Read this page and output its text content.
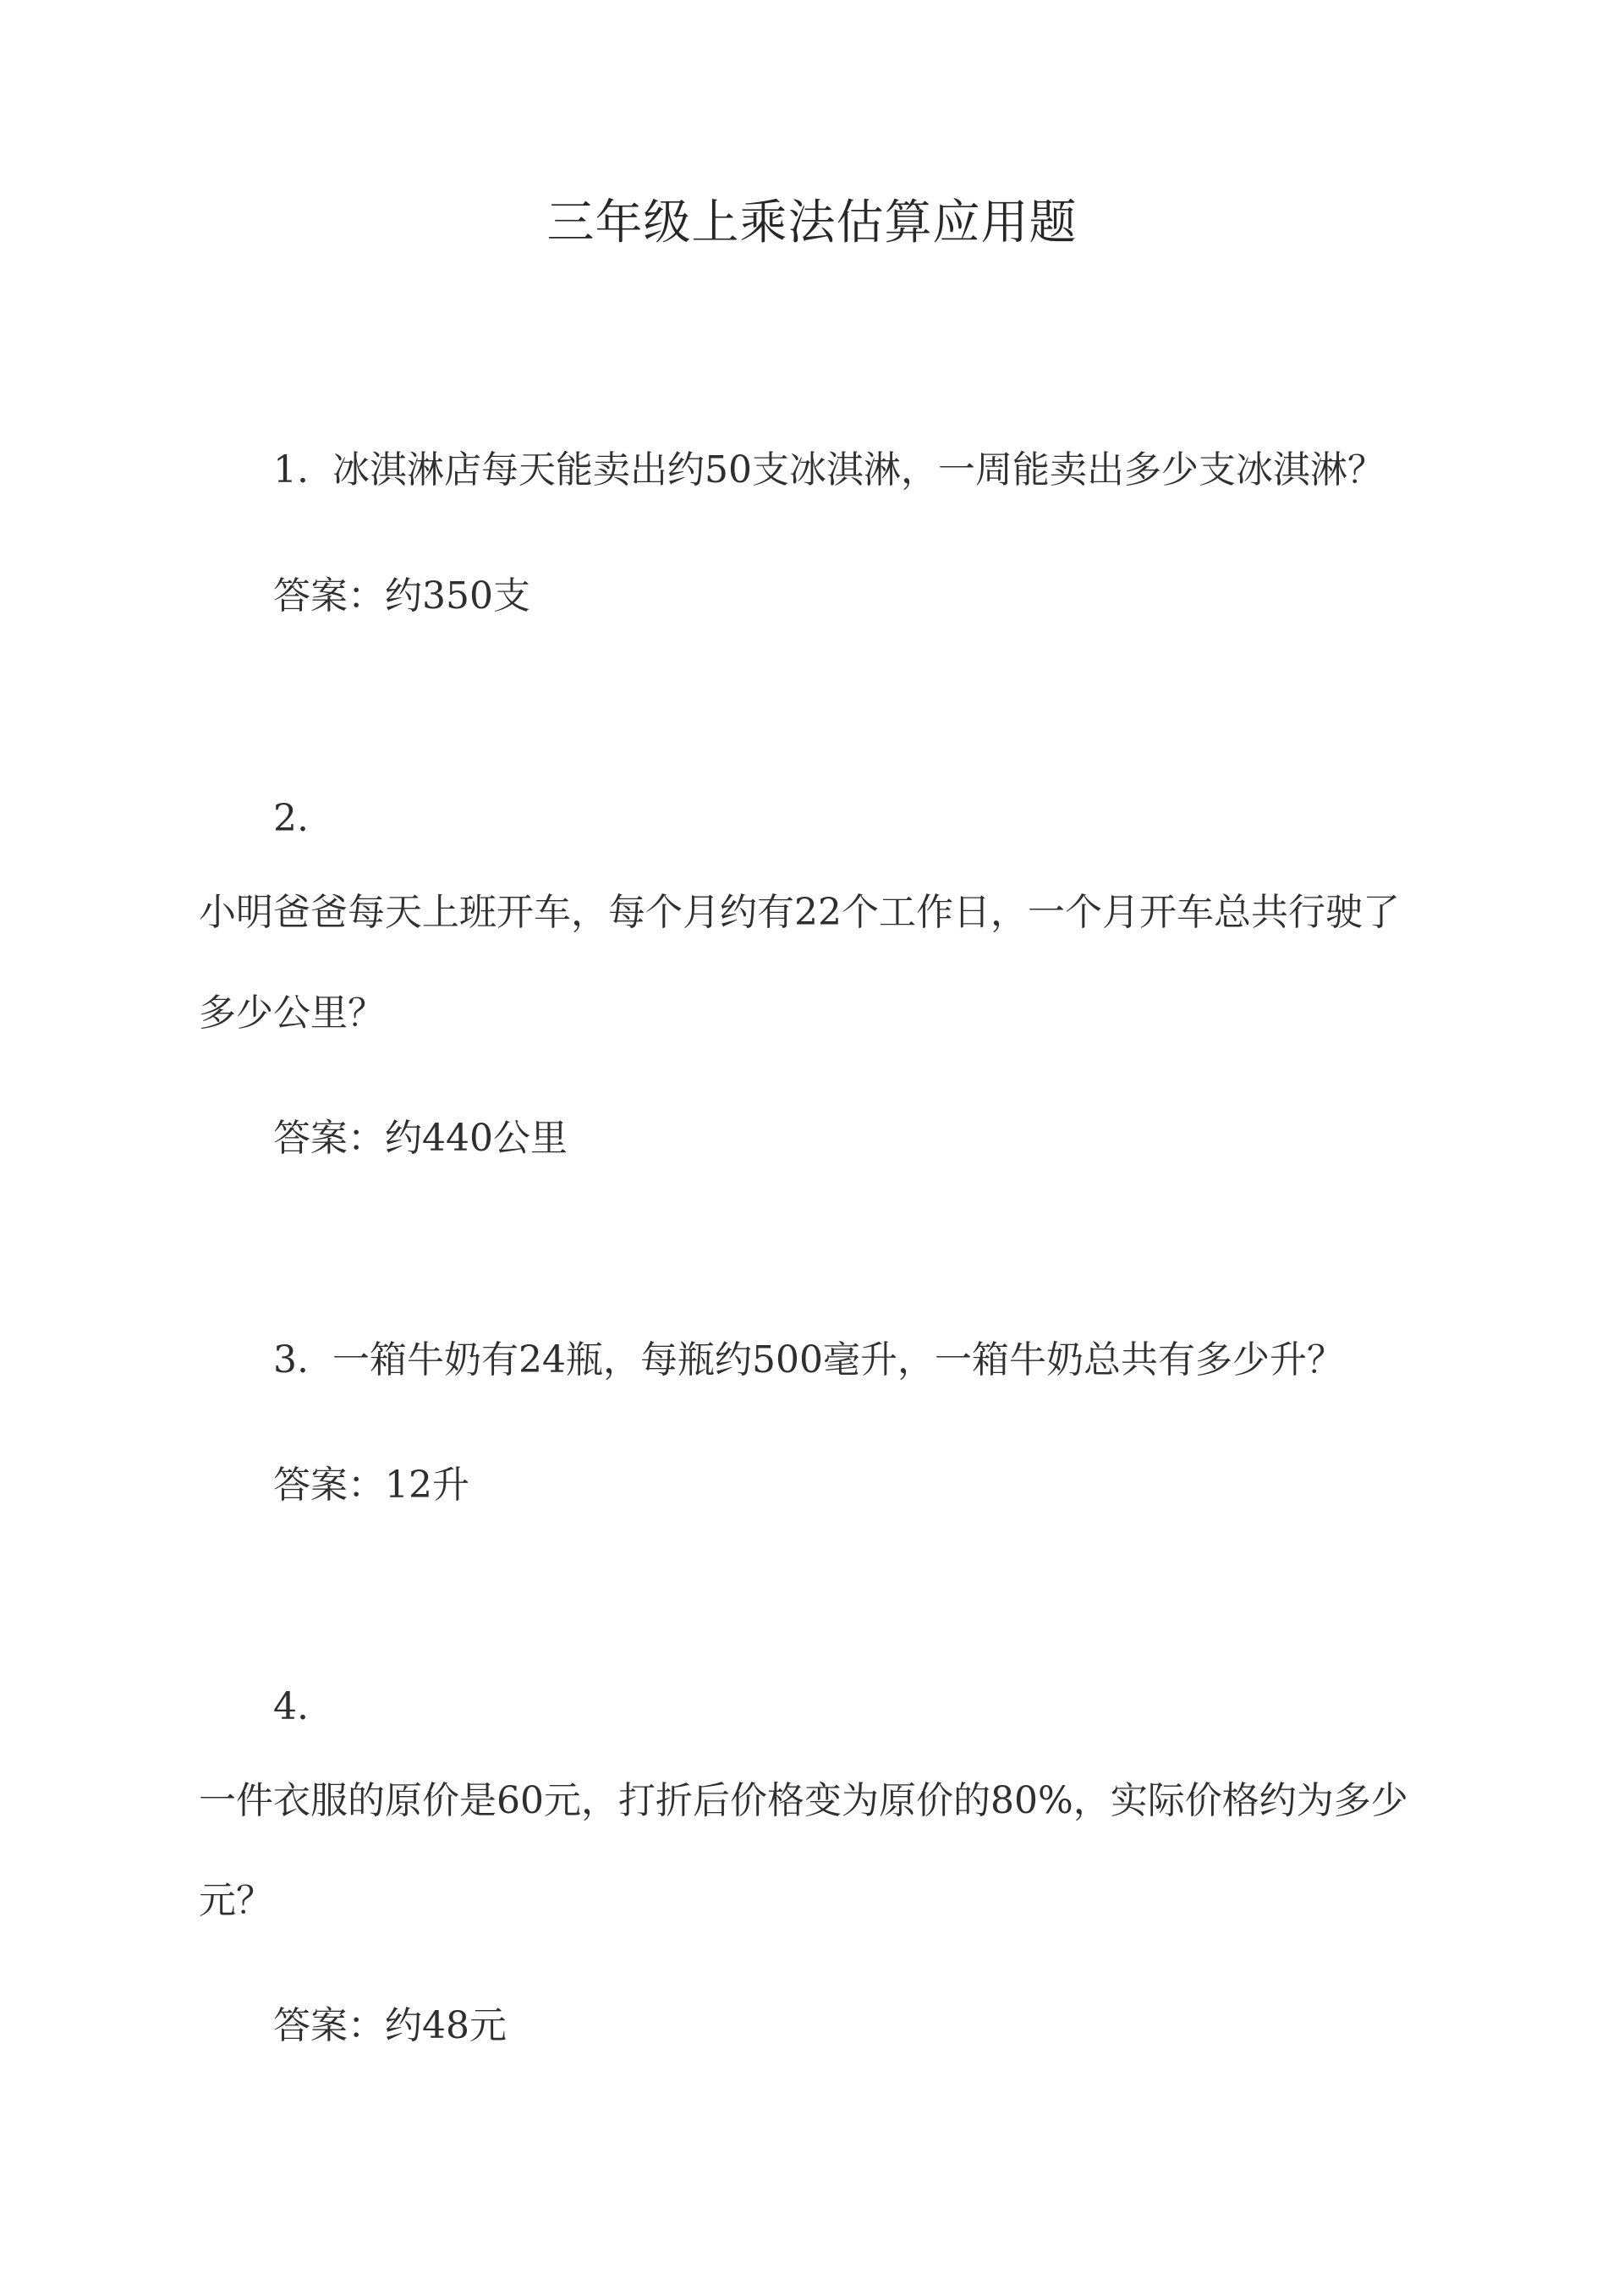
三年级上乘法估算应用题

1. 冰淇淋店每天能卖出约50支冰淇淋，一周能卖出多少支冰淇淋？

答案：约350支

2.

小明爸爸每天上班开车，每个月约有22个工作日，一个月开车总共行驶了

多少公里？

答案：约440公里

3. 一箱牛奶有24瓶，每瓶约500毫升，一箱牛奶总共有多少升？

答案：12升

4.

一件衣服的原价是60元，打折后价格变为原价的80%，实际价格约为多少

元？

答案：约48元
